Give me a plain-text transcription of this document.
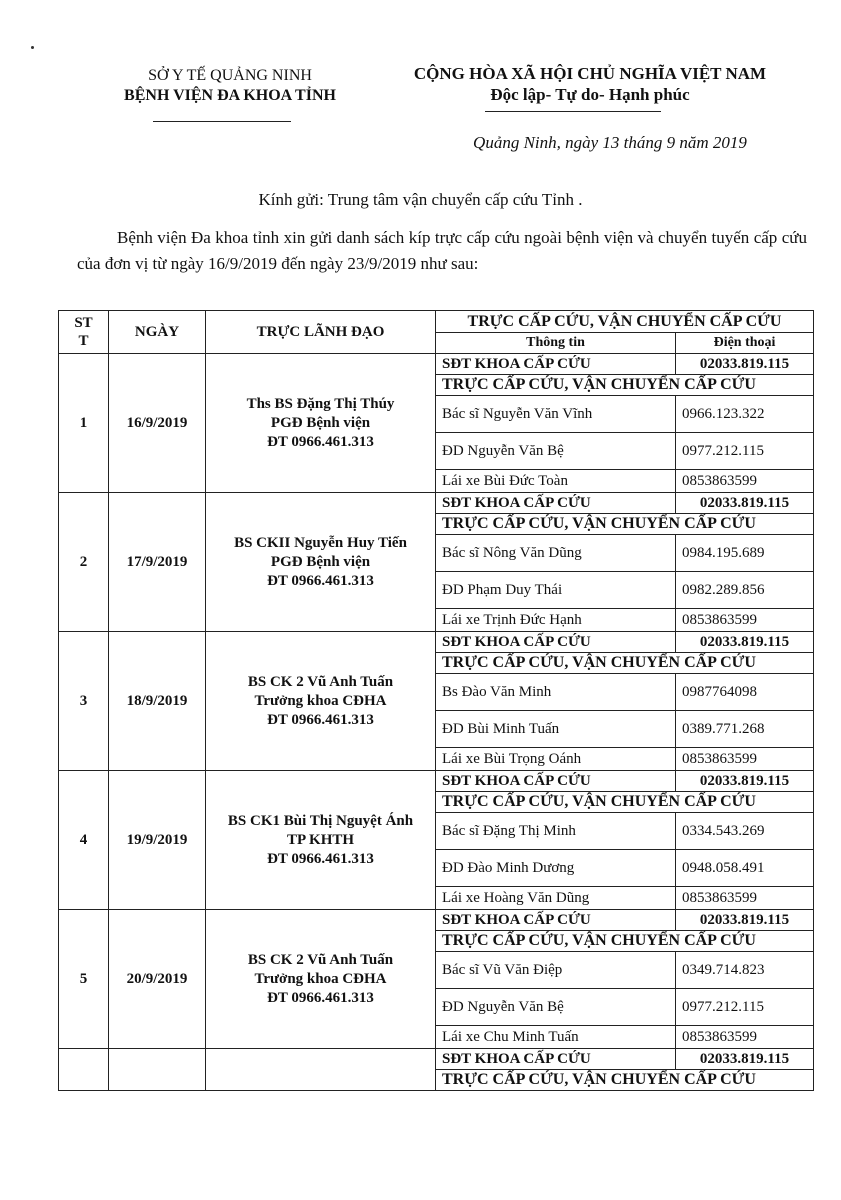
SỞ Y TẾ QUẢNG NINH
BỆNH VIỆN ĐA KHOA TỈNH
CỘNG HÒA XÃ HỘI CHỦ NGHĨA VIỆT NAM
Độc lập- Tự do- Hạnh phúc
Quảng Ninh, ngày 13 tháng 9 năm 2019
Kính gửi: Trung tâm vận chuyển cấp cứu Tỉnh .
Bệnh viện Đa khoa tỉnh xin gửi danh sách kíp trực cấp cứu ngoài bệnh viện và chuyển tuyến cấp cứu của đơn vị từ ngày 16/9/2019 đến ngày 23/9/2019 như sau:
ST T	NGÀY	TRỰC LÃNH ĐẠO	TRỰC CẤP CỨU, VẬN CHUYỂN CẤP CỨU	
			Thông tin	Điện thoại
1	16/9/2019	Ths BS Đặng Thị Thúy
PGĐ Bệnh viện
ĐT 0966.461.313	SĐT KHOA CẤP CỨU	02033.819.115
			TRỰC CẤP CỨU, VẬN CHUYỂN CẤP CỨU	
			Bác sĩ Nguyễn Văn Vĩnh	0966.123.322
			ĐD Nguyễn Văn Bệ	0977.212.115
			Lái xe Bùi Đức Toàn	0853863599
2	17/9/2019	BS CKII Nguyễn Huy Tiến
PGĐ Bệnh viện
ĐT 0966.461.313	SĐT KHOA CẤP CỨU	02033.819.115
			TRỰC CẤP CỨU, VẬN CHUYỂN CẤP CỨU	
			Bác sĩ Nông Văn Dũng	0984.195.689
			ĐD Phạm Duy Thái	0982.289.856
			Lái xe Trịnh Đức Hạnh	0853863599
3	18/9/2019	BS CK 2 Vũ Anh Tuấn
Trưởng khoa CĐHA
ĐT 0966.461.313	SĐT KHOA CẤP CỨU	02033.819.115
			TRỰC CẤP CỨU, VẬN CHUYỂN CẤP CỨU	
			Bs Đào Văn Minh	0987764098
			ĐD Bùi Minh Tuấn	0389.771.268
			Lái xe Bùi Trọng Oánh	0853863599
4	19/9/2019	BS CK1 Bùi Thị Nguyệt Ánh
TP KHTH
ĐT 0966.461.313	SĐT KHOA CẤP CỨU	02033.819.115
			TRỰC CẤP CỨU, VẬN CHUYỂN CẤP CỨU	
			Bác sĩ Đặng Thị Minh	0334.543.269
			ĐD Đào Minh Dương	0948.058.491
			Lái xe Hoàng Văn Dũng	0853863599
5	20/9/2019	BS CK 2 Vũ Anh Tuấn
Trưởng khoa CĐHA
ĐT 0966.461.313	SĐT KHOA CẤP CỨU	02033.819.115
			TRỰC CẤP CỨU, VẬN CHUYỂN CẤP CỨU	
			Bác sĩ Vũ Văn Điệp	0349.714.823
			ĐD Nguyễn Văn Bệ	0977.212.115
			Lái xe Chu Minh Tuấn	0853863599
			SĐT KHOA CẤP CỨU	02033.819.115
			TRỰC CẤP CỨU, VẬN CHUYỂN CẤP CỨU	
